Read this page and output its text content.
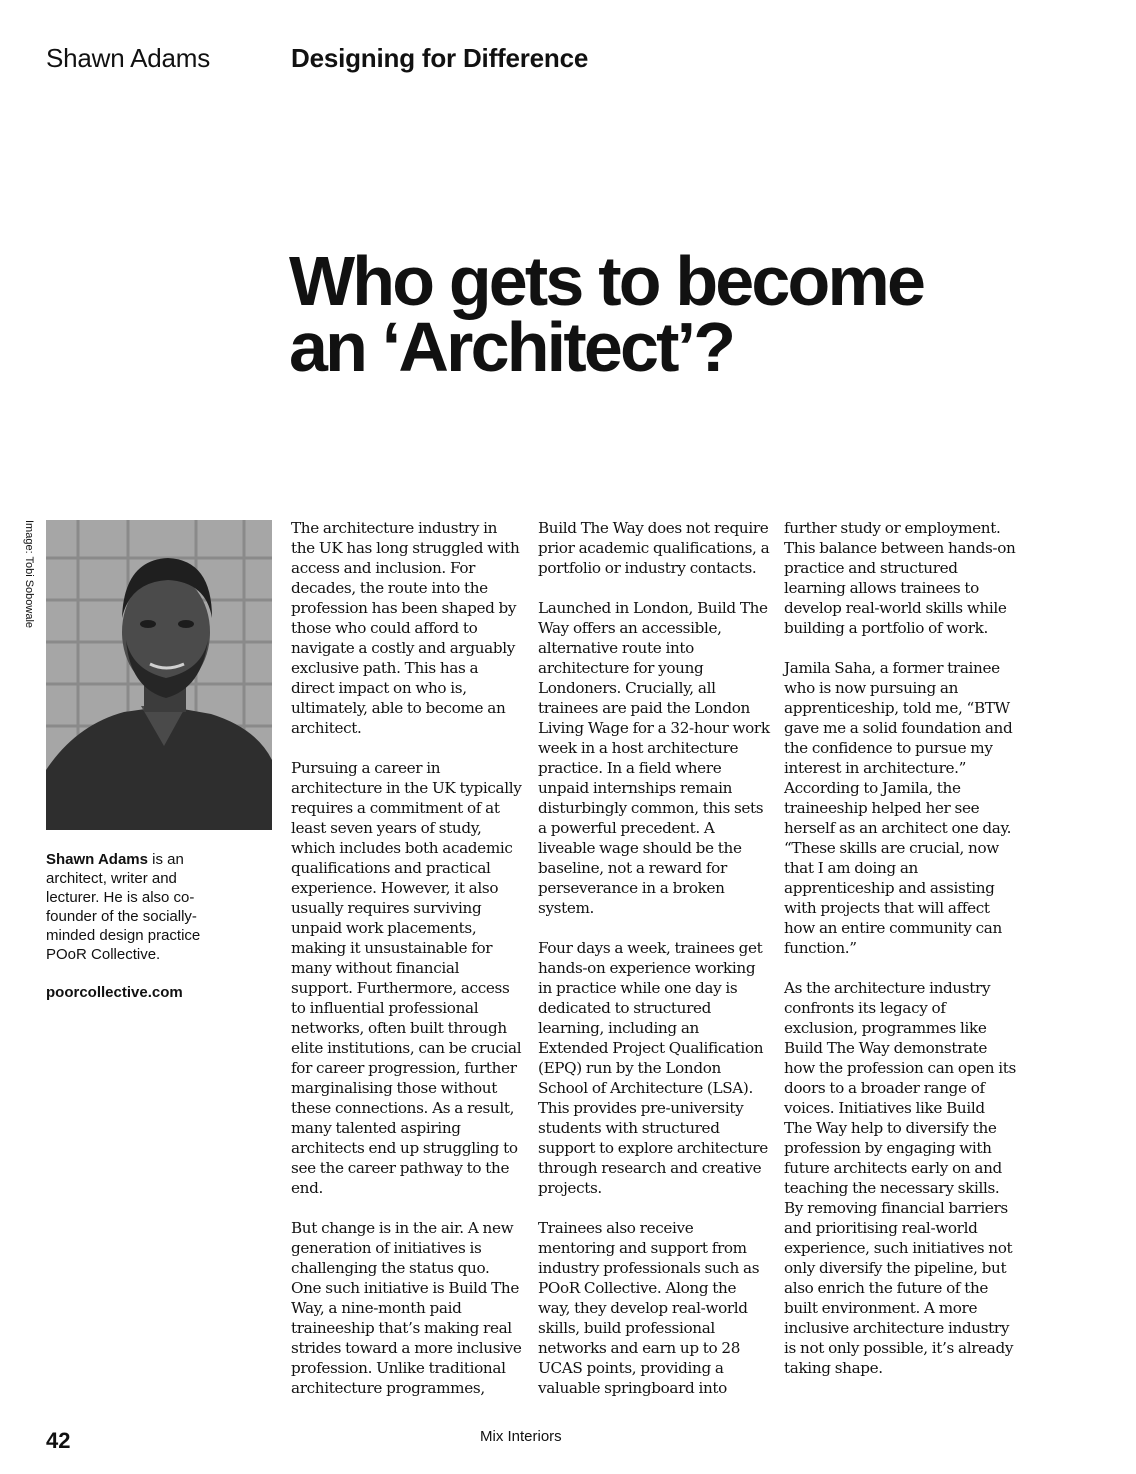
Shawn Adams	Designing for Difference
Who gets to become
an ‘Architect’?
Image: Tobi Sobowale
Shawn Adams is an architect, writer and lecturer. He is also co-founder of the socially-minded design practice POoR Collective.
poorcollective.com

The architecture industry in the UK has long struggled with access and inclusion. For decades, the route into the profession has been shaped by those who could afford to navigate a costly and arguably exclusive path. This has a direct impact on who is, ultimately, able to become an architect.

Pursuing a career in architecture in the UK typically requires a commitment of at least seven years of study, which includes both academic qualifications and practical experience. However, it also usually requires surviving unpaid work placements, making it unsustainable for many without financial support. Furthermore, access to influential professional networks, often built through elite institutions, can be crucial for career progression, further marginalising those without these connections. As a result, many talented aspiring architects end up struggling to see the career pathway to the end.

But change is in the air. A new generation of initiatives is challenging the status quo. One such initiative is Build The Way, a nine-month paid traineeship that’s making real strides toward a more inclusive profession. Unlike traditional architecture programmes,

Build The Way does not require prior academic qualifications, a portfolio or industry contacts.

Launched in London, Build The Way offers an accessible, alternative route into architecture for young Londoners. Crucially, all trainees are paid the London Living Wage for a 32-hour work week in a host architecture practice. In a field where unpaid internships remain disturbingly common, this sets a powerful precedent. A liveable wage should be the baseline, not a reward for perseverance in a broken system.

Four days a week, trainees get hands-on experience working in practice while one day is dedicated to structured learning, including an Extended Project Qualification (EPQ) run by the London School of Architecture (LSA). This provides pre-university students with structured support to explore architecture through research and creative projects.

Trainees also receive mentoring and support from industry professionals such as POoR Collective. Along the way, they develop real-world skills, build professional networks and earn up to 28 UCAS points, providing a valuable springboard into

further study or employment. This balance between hands-on practice and structured learning allows trainees to develop real-world skills while building a portfolio of work.

Jamila Saha, a former trainee who is now pursuing an apprenticeship, told me, “BTW gave me a solid foundation and the confidence to pursue my interest in architecture.” According to Jamila, the traineeship helped her see herself as an architect one day. “These skills are crucial, now that I am doing an apprenticeship and assisting with projects that will affect how an entire community can function.”

As the architecture industry confronts its legacy of exclusion, programmes like Build The Way demonstrate how the profession can open its doors to a broader range of voices. Initiatives like Build The Way help to diversify the profession by engaging with future architects early on and teaching the necessary skills. By removing financial barriers and prioritising real-world experience, such initiatives not only diversify the pipeline, but also enrich the future of the built environment. A more inclusive architecture industry is not only possible, it’s already taking shape.

42	Mix Interiors
